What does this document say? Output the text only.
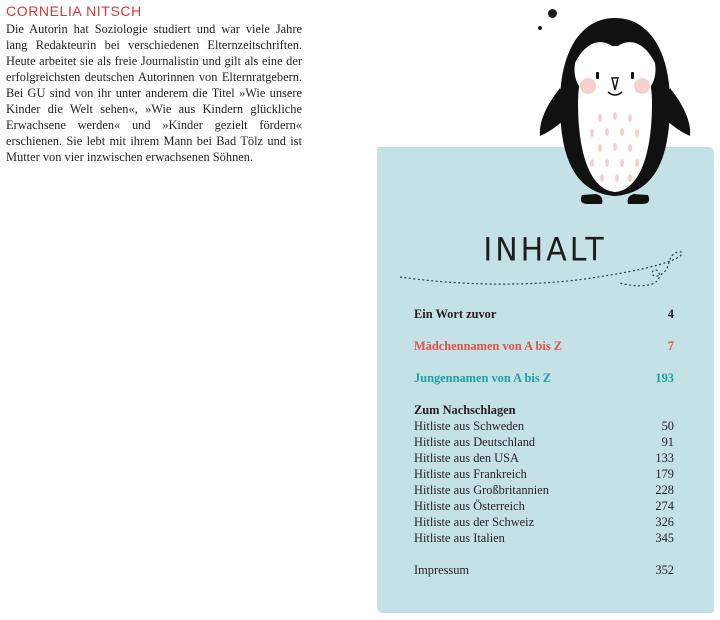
CORNELIA NITSCH

Die Autorin hat Soziologie studiert und war viele Jahre lang Redakteurin bei verschiedenen Elternzeitschriften. Heute arbeitet sie als freie Journalistin und gilt als eine der erfolgreichsten deutschen Autorinnen von Elternratgebern. Bei GU sind von ihr unter anderem die Titel »Wie unsere Kinder die Welt sehen«, »Wie aus Kindern glückliche Erwachsene werden« und »Kinder gezielt fördern« erschienen. Sie lebt mit ihrem Mann bei Bad Tölz und ist Mutter von vier inzwischen erwachsenen Söhnen.

INHALT
Ein Wort zuvor	4
Mädchennamen von A bis Z	7
Jungennamen von A bis Z	193
Zum Nachschlagen
Hitliste aus Schweden	50
Hitliste aus Deutschland	91
Hitliste aus den USA	133
Hitliste aus Frankreich	179
Hitliste aus Großbritannien	228
Hitliste aus Österreich	274
Hitliste aus der Schweiz	326
Hitliste aus Italien	345
Impressum	352
